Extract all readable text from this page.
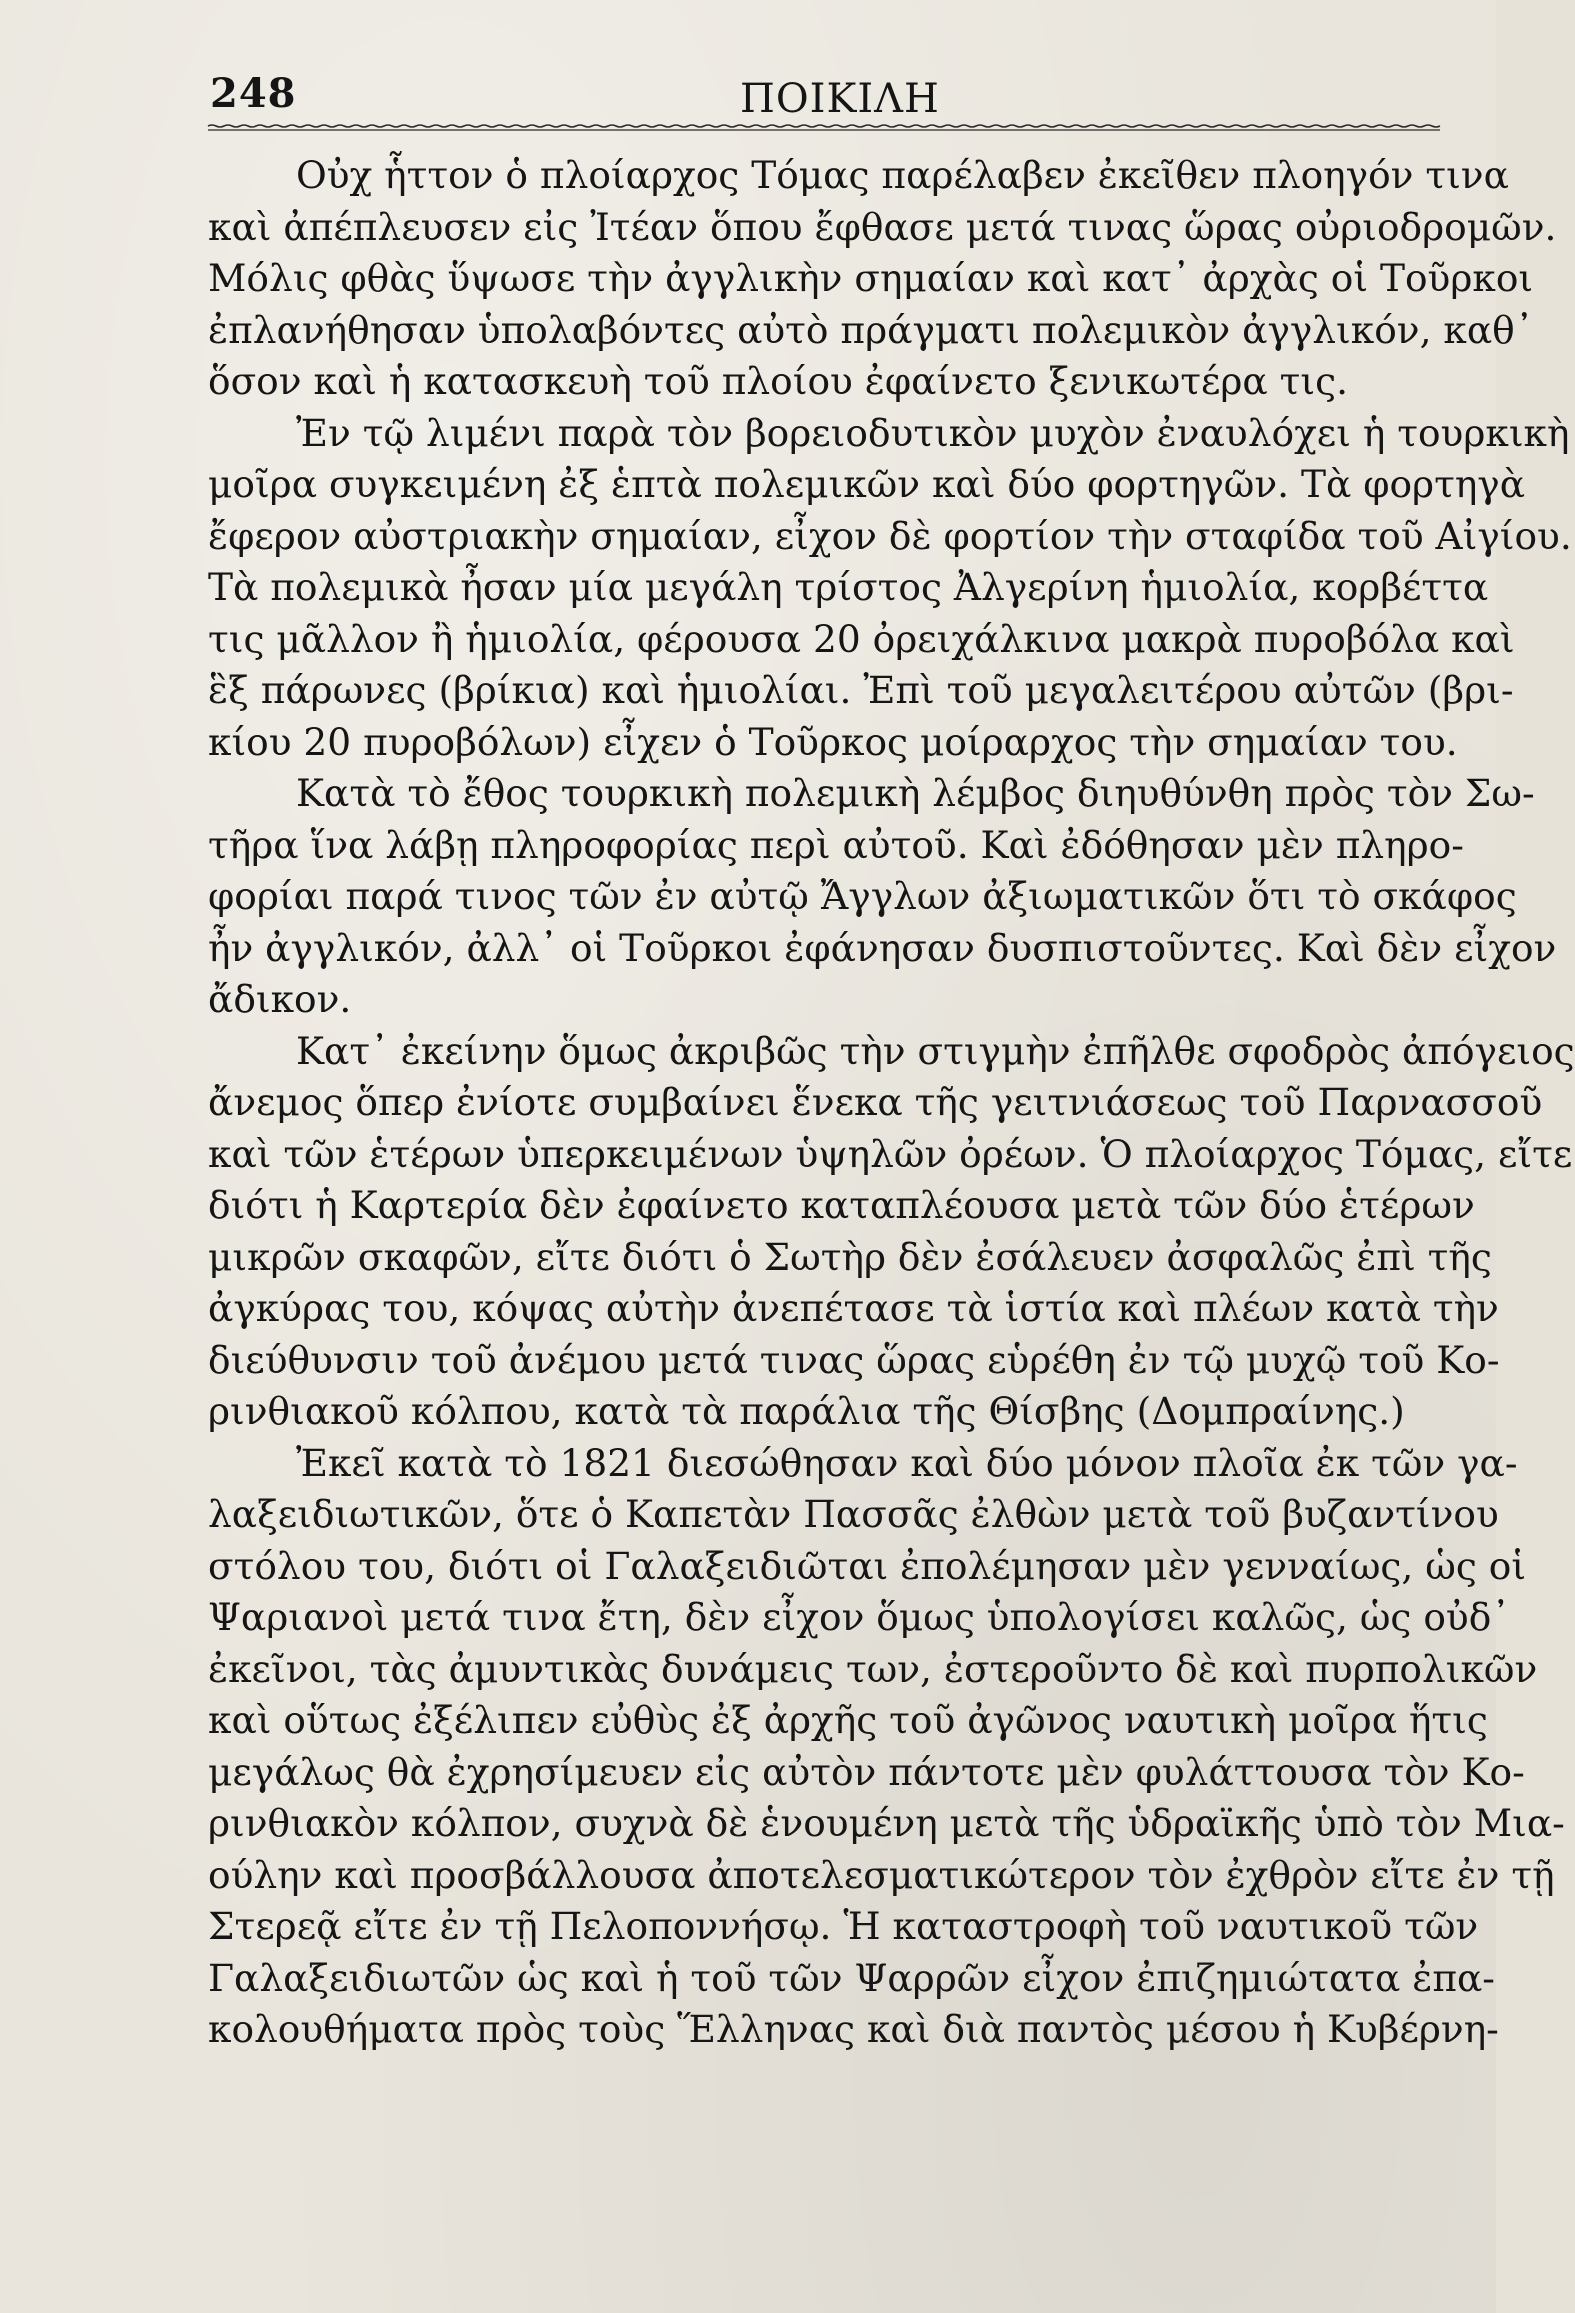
248	ΠΟΙΚΙΛΗ
Οὐχ ἧττον ὁ πλοίαρχος Τόμας παρέλαβεν ἐκεῖθεν πλοηγόν τινα
καὶ ἀπέπλευσεν εἰς Ἰτέαν ὅπου ἔφθασε μετά τινας ὥρας οὐριοδρομῶν.
Μόλις φθὰς ὕψωσε τὴν ἀγγλικὴν σημαίαν καὶ κατ᾽ ἀρχὰς οἱ Τοῦρκοι
ἐπλανήθησαν ὑπολαβόντες αὐτὸ πράγματι πολεμικὸν ἀγγλικόν, καθ᾽
ὅσον καὶ ἡ κατασκευὴ τοῦ πλοίου ἐφαίνετο ξενικωτέρα τις.
Ἐν τῷ λιμένι παρὰ τὸν βορειοδυτικὸν μυχὸν ἐναυλόχει ἡ τουρκικὴ
μοῖρα συγκειμένη ἐξ ἑπτὰ πολεμικῶν καὶ δύο φορτηγῶν. Τὰ φορτηγὰ
ἔφερον αὐστριακὴν σημαίαν, εἶχον δὲ φορτίον τὴν σταφίδα τοῦ Αἰγίου.
Τὰ πολεμικὰ ἦσαν μία μεγάλη τρίστος Ἀλγερίνη ἡμιολία, κορβέττα
τις μᾶλλον ἢ ἡμιολία, φέρουσα 20 ὀρειχάλκινα μακρὰ πυροβόλα καὶ
ἓξ πάρωνες (βρίκια) καὶ ἡμιολίαι. Ἐπὶ τοῦ μεγαλειτέρου αὐτῶν (βρι-
κίου 20 πυροβόλων) εἶχεν ὁ Τοῦρκος μοίραρχος τὴν σημαίαν του.
Κατὰ τὸ ἔθος τουρκικὴ πολεμικὴ λέμβος διηυθύνθη πρὸς τὸν Σω-
τῆρα ἵνα λάβῃ πληροφορίας περὶ αὐτοῦ. Καὶ ἐδόθησαν μὲν πληρο-
φορίαι παρά τινος τῶν ἐν αὐτῷ Ἄγγλων ἀξιωματικῶν ὅτι τὸ σκάφος
ἦν ἀγγλικόν, ἀλλ᾽ οἱ Τοῦρκοι ἐφάνησαν δυσπιστοῦντες. Καὶ δὲν εἶχον
ἄδικον.
Κατ᾽ ἐκείνην ὅμως ἀκριβῶς τὴν στιγμὴν ἐπῆλθε σφοδρὸς ἀπόγειος
ἄνεμος ὅπερ ἐνίοτε συμβαίνει ἕνεκα τῆς γειτνιάσεως τοῦ Παρνασσοῦ
καὶ τῶν ἑτέρων ὑπερκειμένων ὑψηλῶν ὀρέων. Ὁ πλοίαρχος Τόμας, εἴτε
διότι ἡ Καρτερία δὲν ἐφαίνετο καταπλέουσα μετὰ τῶν δύο ἑτέρων
μικρῶν σκαφῶν, εἴτε διότι ὁ Σωτὴρ δὲν ἐσάλευεν ἀσφαλῶς ἐπὶ τῆς
ἀγκύρας του, κόψας αὐτὴν ἀνεπέτασε τὰ ἱστία καὶ πλέων κατὰ τὴν
διεύθυνσιν τοῦ ἀνέμου μετά τινας ὥρας εὑρέθη ἐν τῷ μυχῷ τοῦ Κο-
ρινθιακοῦ κόλπου, κατὰ τὰ παράλια τῆς Θίσβης (Δομπραίνης.)
Ἐκεῖ κατὰ τὸ 1821 διεσώθησαν καὶ δύο μόνον πλοῖα ἐκ τῶν γα-
λαξειδιωτικῶν, ὅτε ὁ Καπετὰν Πασσᾶς ἐλθὼν μετὰ τοῦ βυζαντίνου
στόλου του, διότι οἱ Γαλαξειδιῶται ἐπολέμησαν μὲν γενναίως, ὡς οἱ
Ψαριανοὶ μετά τινα ἔτη, δὲν εἶχον ὅμως ὑπολογίσει καλῶς, ὡς οὐδ᾽
ἐκεῖνοι, τὰς ἀμυντικὰς δυνάμεις των, ἐστεροῦντο δὲ καὶ πυρπολικῶν
καὶ οὕτως ἐξέλιπεν εὐθὺς ἐξ ἀρχῆς τοῦ ἀγῶνος ναυτικὴ μοῖρα ἥτις
μεγάλως θὰ ἐχρησίμευεν εἰς αὐτὸν πάντοτε μὲν φυλάττουσα τὸν Κο-
ρινθιακὸν κόλπον, συχνὰ δὲ ἑνουμένη μετὰ τῆς ὑδραϊκῆς ὑπὸ τὸν Μια-
ούλην καὶ προσβάλλουσα ἀποτελεσματικώτερον τὸν ἐχθρὸν εἴτε ἐν τῇ
Στερεᾷ εἴτε ἐν τῇ Πελοποννήσῳ. Ἡ καταστροφὴ τοῦ ναυτικοῦ τῶν
Γαλαξειδιωτῶν ὡς καὶ ἡ τοῦ τῶν Ψαρρῶν εἶχον ἐπιζημιώτατα ἐπα-
κολουθήματα πρὸς τοὺς Ἕλληνας καὶ διὰ παντὸς μέσου ἡ Κυβέρνη-
